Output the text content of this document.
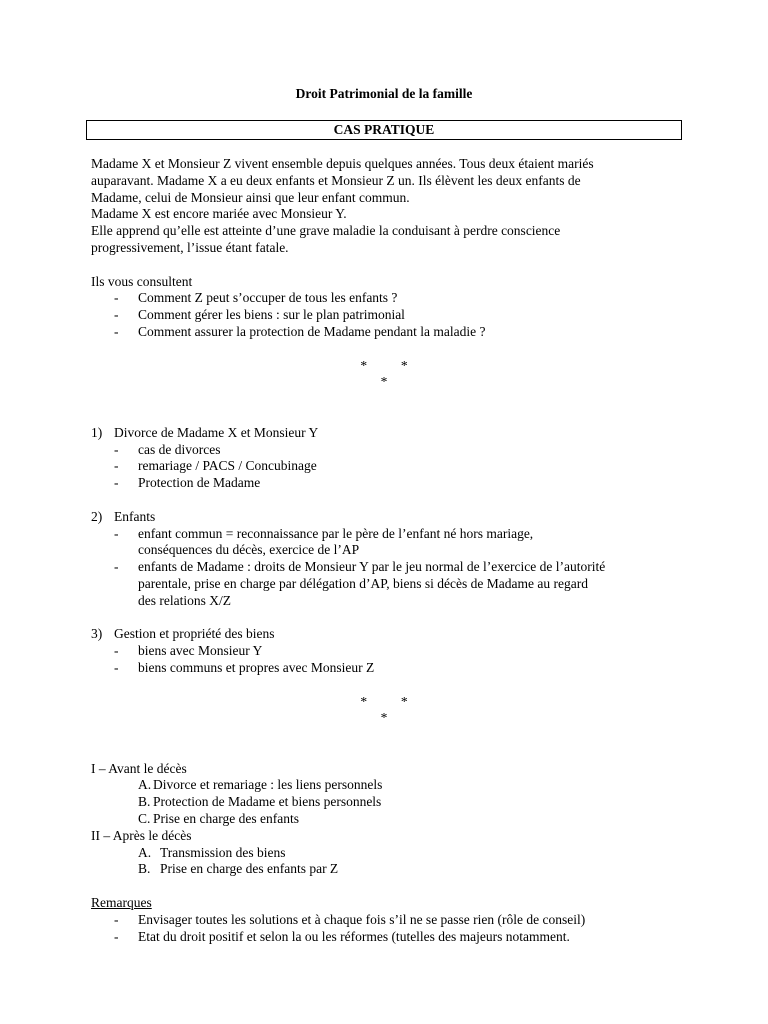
Droit Patrimonial de la famille
CAS PRATIQUE

Madame X et Monsieur Z vivent ensemble depuis quelques années. Tous deux étaient mariés

auparavant. Madame X a eu deux enfants et Monsieur Z un. Ils élèvent les deux enfants de

Madame, celui de Monsieur ainsi que leur enfant commun.

Madame X est encore mariée avec Monsieur Y.

Elle apprend qu’elle est atteinte d’une grave maladie la conduisant à perdre conscience

progressivement, l’issue étant fatale.

Ils vous consultent

- Comment Z peut s’occuper de tous les enfants ?

- Comment gérer les biens : sur le plan patrimonial

- Comment assurer la protection de Madame pendant la maladie ?

*          *

*

1) Divorce de Madame X et Monsieur Y

- cas de divorces

- remariage / PACS / Concubinage

- Protection de Madame

2) Enfants

- enfant commun = reconnaissance par le père de l’enfant né hors mariage,

conséquences du décès, exercice de l’AP

- enfants de Madame : droits de Monsieur Y par le jeu normal de l’exercice de l’autorité

parentale, prise en charge par délégation d’AP, biens si décès de Madame au regard

des relations X/Z

3) Gestion et propriété des biens

- biens avec Monsieur Y

- biens communs et propres avec Monsieur Z

*          *

*

I – Avant le décès

A. Divorce et remariage : les liens personnels

B. Protection de Madame et biens personnels

C. Prise en charge des enfants

II – Après le décès

A. Transmission des biens

B. Prise en charge des enfants par Z

Remarques

- Envisager toutes les solutions et à chaque fois s’il ne se passe rien (rôle de conseil)

- Etat du droit positif et selon la ou les réformes (tutelles des majeurs notamment.
